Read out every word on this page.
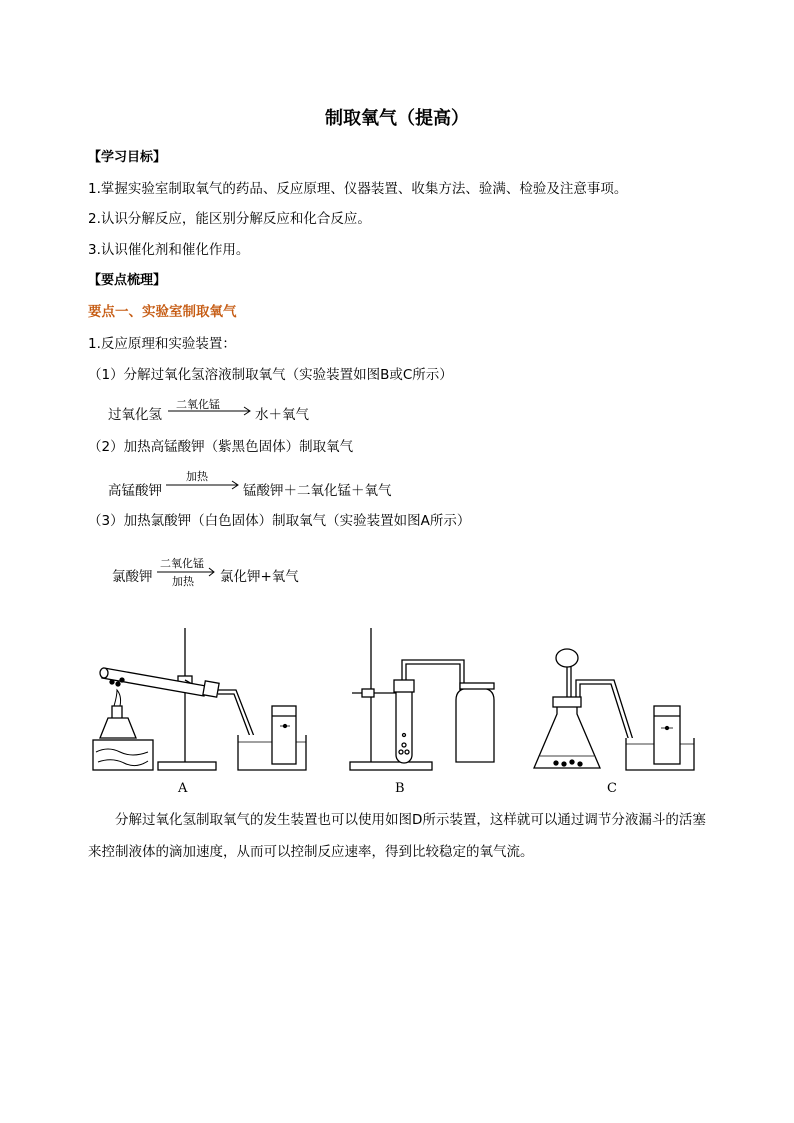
制取氧气（提高）
【学习目标】
1.掌握实验室制取氧气的药品、反应原理、仪器装置、收集方法、验满、检验及注意事项。
2.认识分解反应，能区别分解反应和化合反应。
3.认识催化剂和催化作用。
【要点梳理】
要点一、实验室制取氧气
1.反应原理和实验装置：
（1）分解过氧化氢溶液制取氧气（实验装置如图B或C所示）
过氧化氢
二氧化锰
水＋氧气
（2）加热高锰酸钾（紫黑色固体）制取氧气
高锰酸钾
加热
锰酸钾＋二氧化锰＋氧气
（3）加热氯酸钾（白色固体）制取氧气（实验装置如图A所示）
氯酸钾
二氧化锰
加热 氯化钾+氧气
A	B	C
分解过氧化氢制取氧气的发生装置也可以使用如图D所示装置，这样就可以通过调节分液漏斗的活塞来控制液体的滴加速度，从而可以控制反应速率，得到比较稳定的氧气流。
